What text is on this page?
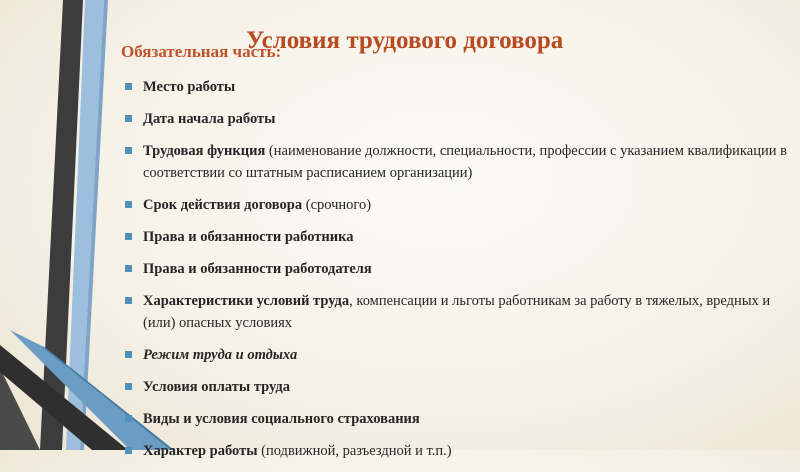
Обязательная часть:
Условия трудового договора
Место работы
Дата начала работы
Трудовая функция (наименование должности, специальности, профессии с указанием квалификации в соответствии со штатным расписанием организации)
Срок действия договора (срочного)
Права и обязанности работника
Права и обязанности работодателя
Характеристики условий труда, компенсации и льготы работникам за работу в тяжелых, вредных и (или) опасных условиях
Режим труда и отдыха
Условия оплаты труда
Виды и условия социального страхования
Характер работы (подвижной, разъездной и т.п.)
